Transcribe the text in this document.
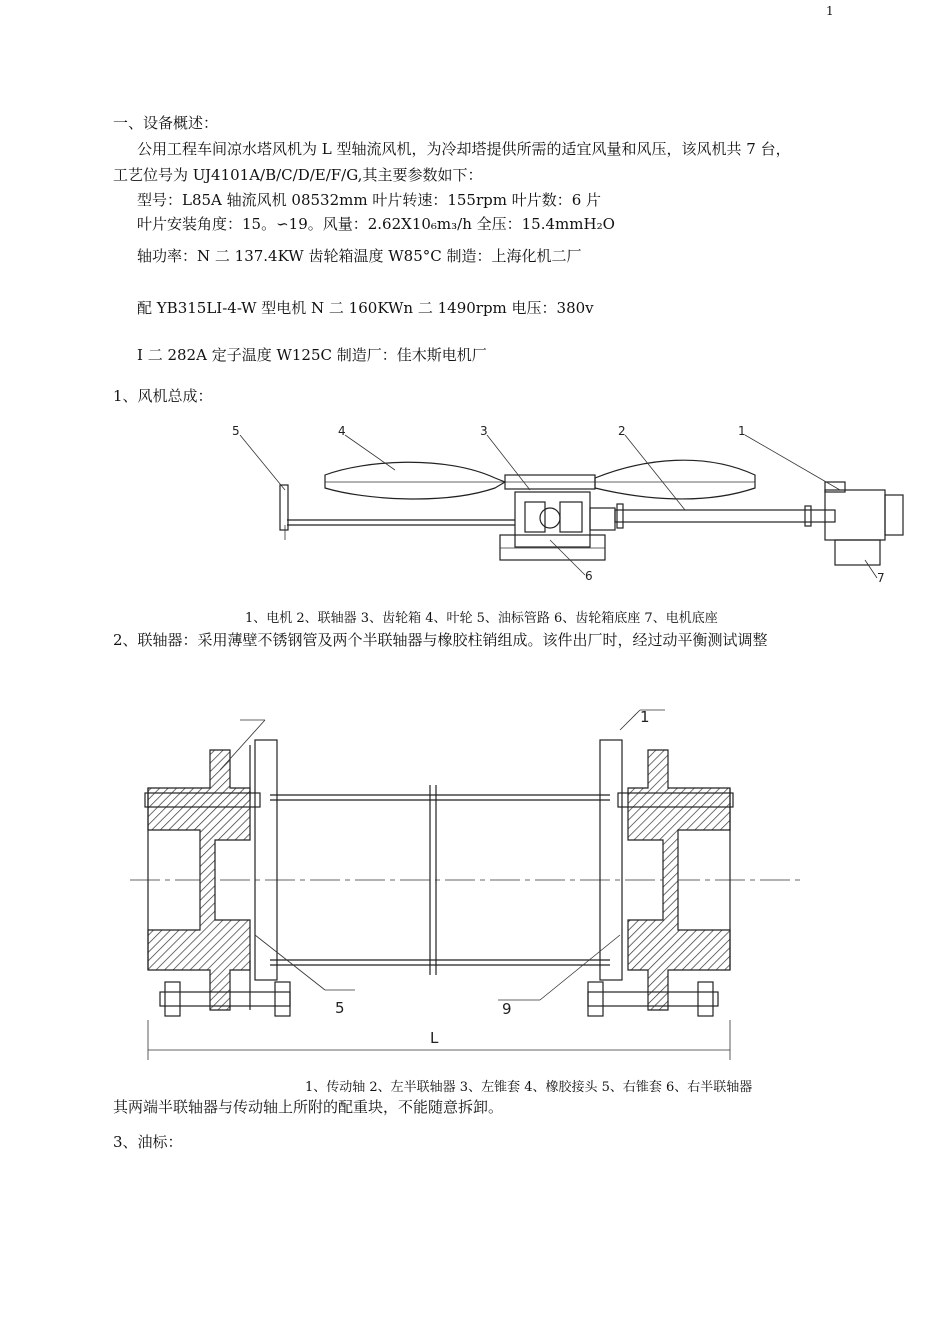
1
一、设备概述：
公用工程车间凉水塔风机为 L 型轴流风机，为冷却塔提供所需的适宜风量和风压，该风机共 7 台，
工艺位号为 UJ4101A/B/C/D/E/F/G,其主要参数如下：
型号：L85A 轴流风机 08532mm 叶片转速：155rpm 叶片数：6 片
叶片安装角度：15。∽19。风量：2.62X10₆m₃/h 全压：15.4mmH₂O
轴功率：N 二 137.4KW 齿轮箱温度 W85°C 制造：上海化机二厂
配 YB315LⅠ-4-W 型电机 N 二 160KWn 二 1490rpm 电压：380v
I 二 282A 定子温度 W125C 制造厂：佳木斯电机厂
1、风机总成：
5	4	3	2	1
6	7
1、电机 2、联轴器 3、齿轮箱 4、叶轮 5、油标管路 6、齿轮箱底座 7、电机底座
2、联轴器：采用薄壁不锈钢管及两个半联轴器与橡胶柱销组成。该件出厂时，经过动平衡测试调整
L
1
5	9
1、传动轴 2、左半联轴器 3、左锥套 4、橡胶接头 5、右锥套 6、右半联轴器
其两端半联轴器与传动轴上所附的配重块，不能随意拆卸。
3、油标：
